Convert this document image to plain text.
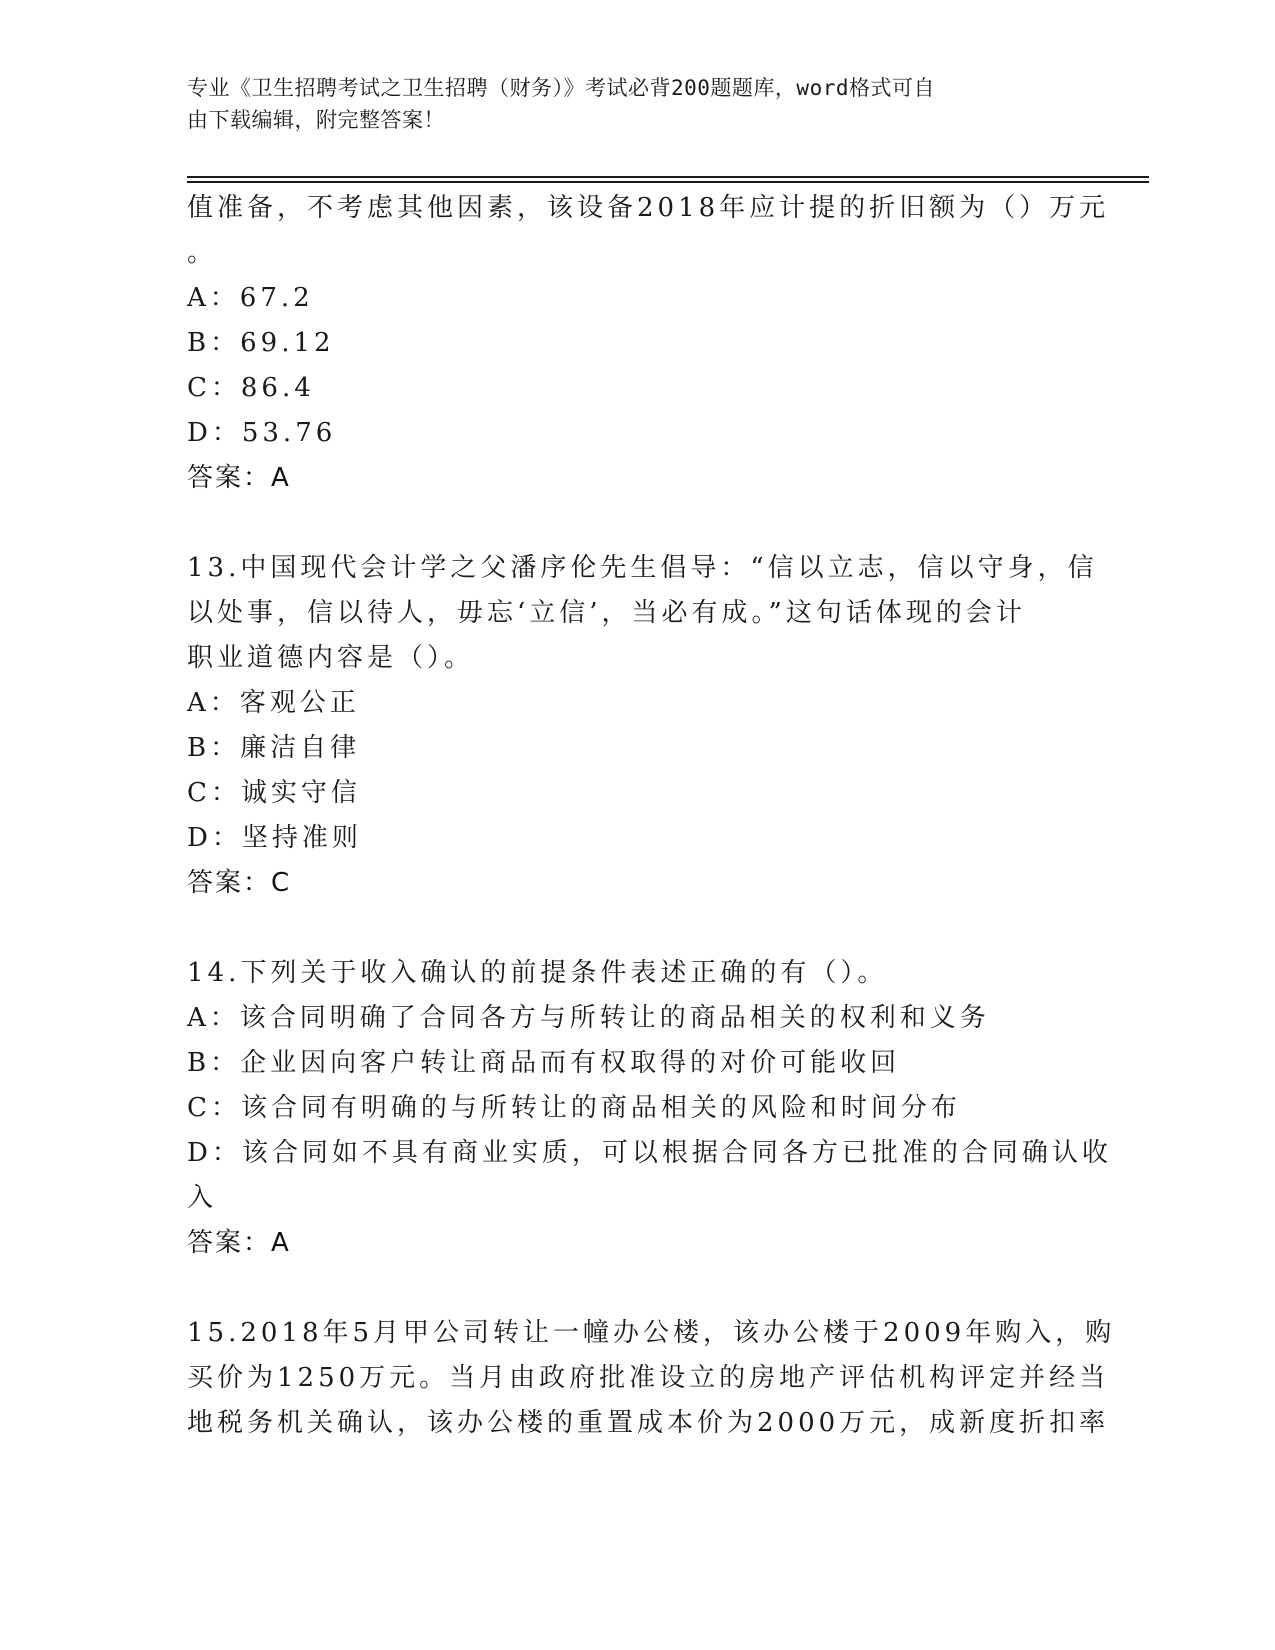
专业《卫生招聘考试之卫生招聘（财务）》考试必背200题题库，word格式可自
由下载编辑，附完整答案！
值准备，不考虑其他因素，该设备2018年应计提的折旧额为（）万元
。
A：67.2
B：69.12
C：86.4
D：53.76
答案：A
13.中国现代会计学之父潘序伦先生倡导：“信以立志，信以守身，信
以处事，信以待人，毋忘‘立信’，当必有成。”这句话体现的会计
职业道德内容是（）。
A：客观公正
B：廉洁自律
C：诚实守信
D：坚持准则
答案：C
14.下列关于收入确认的前提条件表述正确的有（）。
A：该合同明确了合同各方与所转让的商品相关的权利和义务
B：企业因向客户转让商品而有权取得的对价可能收回
C：该合同有明确的与所转让的商品相关的风险和时间分布
D：该合同如不具有商业实质，可以根据合同各方已批准的合同确认收
入
答案：A
15.2018年5月甲公司转让一幢办公楼，该办公楼于2009年购入，购
买价为1250万元。当月由政府批准设立的房地产评估机构评定并经当
地税务机关确认，该办公楼的重置成本价为2000万元，成新度折扣率
